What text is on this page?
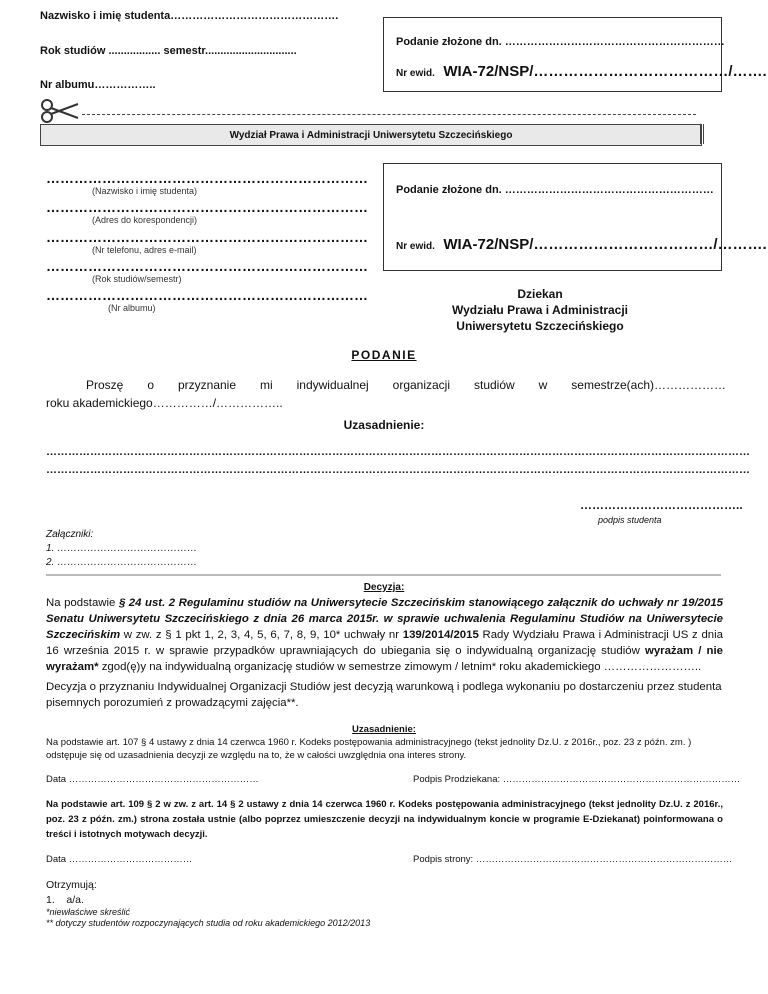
Nazwisko i imię studenta……………………………………….
Rok studiów ................. semestr..............................
Nr albumu……………..
Podanie złożone dn. ……………………………………………………
Nr ewid. WIA-72/NSP/…………………………………/…….
Wydział Prawa i Administracji Uniwersytetu Szczecińskiego
……………………………………………………………
(Nazwisko i imię studenta)
……………………………………………………………
(Adres do korespondencji)
……………………………………………………………
(Nr telefonu, adres e-mail)
……………………………………………………………
(Rok studiów/semestr)
……………………………………………………………
(Nr albumu)
Podanie złożone dn. …………………………………………………
Nr ewid. WIA-72/NSP/………………………………/……….
Dziekan
Wydziału Prawa i Administracji
Uniwersytetu Szczecińskiego
PODANIE
Proszę o przyznanie mi indywidualnej organizacji studiów w semestrze(ach)………………
roku akademickiego……………/……………..
Uzasadnienie:
…………………………………………………………………………………………………………………………………………………………………………
…………………………………………………………………………………………………………………………………………………………………………
…………………………………..
podpis studenta
Załączniki:
1. ……………………………………
2. ……………………………………
Decyzja:
Na podstawie § 24 ust. 2 Regulaminu studiów na Uniwersytecie Szczecińskim stanowiącego załącznik do uchwały nr 19/2015 Senatu Uniwersytetu Szczecińskiego z dnia 26 marca 2015r. w sprawie uchwalenia Regulaminu Studiów na Uniwersytecie Szczecińskim w zw. z § 1 pkt 1, 2, 3, 4, 5, 6, 7, 8, 9, 10* uchwały nr 139/2014/2015 Rady Wydziału Prawa i Administracji US z dnia 16 września 2015 r. w sprawie przypadków uprawniających do ubiegania się o indywidualną organizację studiów wyrażam / nie wyrażam* zgod(ę)y na indywidualną organizację studiów w semestrze zimowym / letnim* roku akademickiego ……………………..
Decyzja o przyznaniu Indywidualnej Organizacji Studiów jest decyzją warunkową i podlega wykonaniu po dostarczeniu przez studenta pisemnych porozumień z prowadzącymi zajęcia**.
Uzasadnienie:
Na podstawie art. 107 § 4 ustawy z dnia 14 czerwca 1960 r. Kodeks postępowania administracyjnego (tekst jednolity Dz.U. z 2016r., poz. 23 z późn. zm. ) odstępuje się od uzasadnienia decyzji ze względu na to, że w całości uwzględnia ona interes strony.
Data ……………………………………………………	Podpis Prodziekana: …………………………………………………………………
Na podstawie art. 109 § 2 w zw. z art. 14 § 2 ustawy z dnia 14 czerwca 1960 r. Kodeks postępowania administracyjnego (tekst jednolity Dz.U. z 2016r., poz. 23 z późn. zm.) strona została ustnie (albo poprzez umieszczenie decyzji na indywidualnym koncie w programie E-Dziekanat) poinformowana o treści i istotnych motywach decyzji.
Data …………………………………	Podpis strony: ………………………………………………………………………
Otrzymują:
1.    a/a.
*niewłaściwe skreślić
** dotyczy studentów rozpoczynających studia od roku akademickiego 2012/2013
